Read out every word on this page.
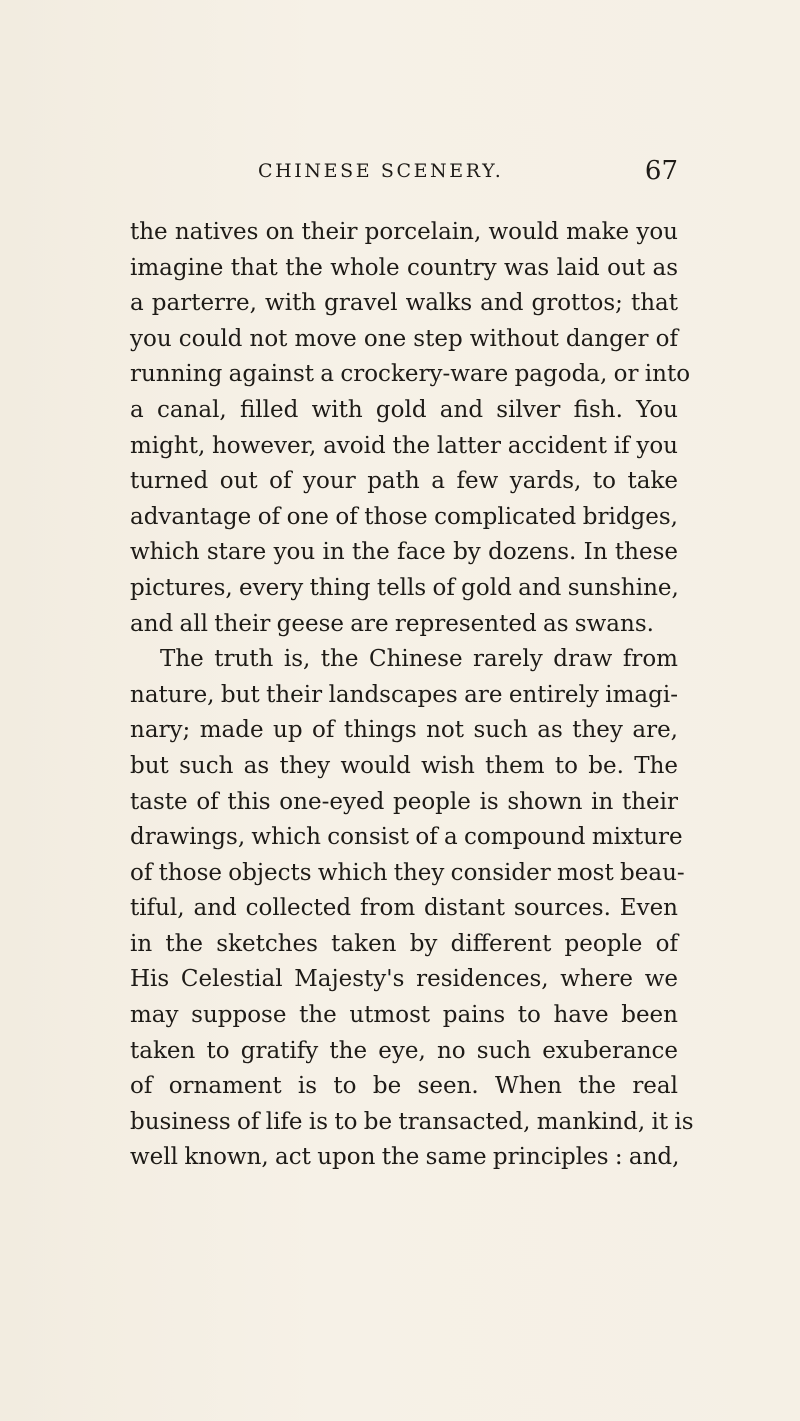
CHINESE SCENERY.	67
the natives on their porcelain, would make you
imagine that the whole country was laid out as
a parterre, with gravel walks and grottos; that
you could not move one step without danger of
running against a crockery-ware pagoda, or into
a canal, filled with gold and silver fish. You
might, however, avoid the latter accident if you
turned out of your path a few yards, to take
advantage of one of those complicated bridges,
which stare you in the face by dozens. In these
pictures, every thing tells of gold and sunshine,
and all their geese are represented as swans.
The truth is, the Chinese rarely draw from
nature, but their landscapes are entirely imagi-
nary; made up of things not such as they are,
but such as they would wish them to be. The
taste of this one-eyed people is shown in their
drawings, which consist of a compound mixture
of those objects which they consider most beau-
tiful, and collected from distant sources. Even
in the sketches taken by different people of
His Celestial Majesty's residences, where we
may suppose the utmost pains to have been
taken to gratify the eye, no such exuberance
of ornament is to be seen. When the real
business of life is to be transacted, mankind, it is
well known, act upon the same principles : and,
